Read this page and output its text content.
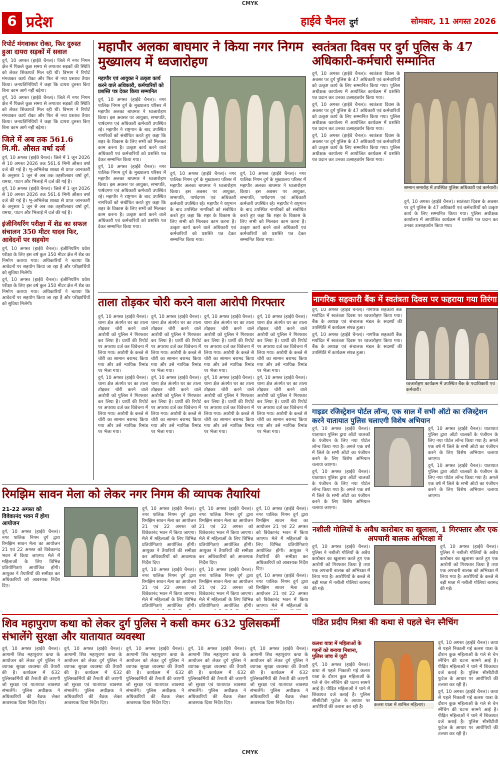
CMYK
6 प्रदेश	हाईवे चैनल दुर्ग	सोमवार, 11 अगस्त 2026
रिपोर्ट मंगवाकर रोका, फिर दुरुस्त हुआ दायरा सड़कों में सवाल

दुर्ग, 10 अगस्त (हाईवे चैनल)। जिले में नगर निगम क्षेत्र में पिछले कुछ समय से लगातार सड़कों की स्थिति को लेकर शिकायतें मिल रही थीं। विभाग ने रिपोर्ट मंगवाकर कार्य रोका और फिर से नया प्रस्ताव तैयार किया। जनप्रतिनिधियों ने कहा कि दायरा दुरुस्त किए बिना काम आगे नहीं बढ़ेगा।

दुर्ग, 10 अगस्त (हाईवे चैनल)। जिले में नगर निगम क्षेत्र में पिछले कुछ समय से लगातार सड़कों की स्थिति को लेकर शिकायतें मिल रही थीं। विभाग ने रिपोर्ट मंगवाकर कार्य रोका और फिर से नया प्रस्ताव तैयार किया। जनप्रतिनिधियों ने कहा कि दायरा दुरुस्त किए बिना काम आगे नहीं बढ़ेगा।

जिले में अब तक 561.6 मि.मी. औसत वर्षा दर्ज

दुर्ग, 10 अगस्त (हाईवे चैनल)। जिले में 1 जून 2026 से 10 अगस्त 2026 तक 561.6 मिमी औसत वर्षा दर्ज की गई है। भू-अभिलेख शाखा से प्राप्त जानकारी के अनुसार 1 जून से अब तक तहसीलवार वर्षा दुर्ग, धमधा, पाटन और भिलाई में दर्ज की गई है।

दुर्ग, 10 अगस्त (हाईवे चैनल)। जिले में 1 जून 2026 से 10 अगस्त 2026 तक 561.6 मिमी औसत वर्षा दर्ज की गई है। भू-अभिलेख शाखा से प्राप्त जानकारी के अनुसार 1 जून से अब तक तहसीलवार वर्षा दुर्ग, धमधा, पाटन और भिलाई में दर्ज की गई है।

इंजीनियरिंग परीक्षा में शेड का सफल संचालन 350 मीटर यादव फिर, आवेदनों पर सहयोग

दुर्ग, 10 अगस्त (हाईवे चैनल)। इंजीनियरिंग प्रवेश परीक्षा के लिए इस वर्ष कुल 350 मीटर क्षेत्र में शेड का निर्माण कराया गया। अधिकारियों ने बताया कि आवेदनों पर सहयोग किया जा रहा है और परीक्षार्थियों को सुविधा मिलेगी।

दुर्ग, 10 अगस्त (हाईवे चैनल)। इंजीनियरिंग प्रवेश परीक्षा के लिए इस वर्ष कुल 350 मीटर क्षेत्र में शेड का निर्माण कराया गया। अधिकारियों ने बताया कि आवेदनों पर सहयोग किया जा रहा है और परीक्षार्थियों को सुविधा मिलेगी।

महापौर अलका बाघमार ने किया नगर निगम मुख्यालय में ध्वजारोहण
महापौर एवं आयुक्त ने उत्कृष्ट कार्य करने वाले अधिकारी, कर्मचारियों को प्रशस्ति पत्र देकर किया सम्मानित

दुर्ग, 10 अगस्त (हाईवे चैनल)। नगर पालिक निगम दुर्ग के मुख्यालय परिसर में महापौर अलका बाघमार ने ध्वजारोहण किया। इस अवसर पर आयुक्त, सभापति, पार्षदगण एवं अधिकारी कर्मचारी उपस्थित रहे। महापौर ने राष्ट्रगान के बाद उपस्थित नागरिकों को संबोधित करते हुए कहा कि शहर के विकास के लिए सभी को मिलकर काम करना है। उत्कृष्ट कार्य करने वाले अधिकारी एवं कर्मचारियों को प्रशस्ति पत्र देकर सम्मानित किया गया।

दुर्ग, 10 अगस्त (हाईवे चैनल)। नगर पालिक निगम दुर्ग के मुख्यालय परिसर में महापौर अलका बाघमार ने ध्वजारोहण किया। इस अवसर पर आयुक्त, सभापति, पार्षदगण एवं अधिकारी कर्मचारी उपस्थित रहे। महापौर ने राष्ट्रगान के बाद उपस्थित नागरिकों को संबोधित करते हुए कहा कि शहर के विकास के लिए सभी को मिलकर काम करना है। उत्कृष्ट कार्य करने वाले अधिकारी एवं कर्मचारियों को प्रशस्ति पत्र देकर सम्मानित किया गया।

दुर्ग, 10 अगस्त (हाईवे चैनल)। नगर पालिक निगम दुर्ग के मुख्यालय परिसर में महापौर अलका बाघमार ने ध्वजारोहण किया। इस अवसर पर आयुक्त, सभापति, पार्षदगण एवं अधिकारी कर्मचारी उपस्थित रहे। महापौर ने राष्ट्रगान के बाद उपस्थित नागरिकों को संबोधित करते हुए कहा कि शहर के विकास के लिए सभी को मिलकर काम करना है। उत्कृष्ट कार्य करने वाले अधिकारी एवं कर्मचारियों को प्रशस्ति पत्र देकर सम्मानित किया गया।

दुर्ग, 10 अगस्त (हाईवे चैनल)। नगर पालिक निगम दुर्ग के मुख्यालय परिसर में महापौर अलका बाघमार ने ध्वजारोहण किया। इस अवसर पर आयुक्त, सभापति, पार्षदगण एवं अधिकारी कर्मचारी उपस्थित रहे। महापौर ने राष्ट्रगान के बाद उपस्थित नागरिकों को संबोधित करते हुए कहा कि शहर के विकास के लिए सभी को मिलकर काम करना है। उत्कृष्ट कार्य करने वाले अधिकारी एवं कर्मचारियों को प्रशस्ति पत्र देकर सम्मानित किया गया।

स्वतंत्रता दिवस पर दुर्ग पुलिस के 47 अधिकारी-कर्मचारी सम्मानित

दुर्ग, 10 अगस्त (हाईवे चैनल)। स्वतंत्रता दिवस के अवसर पर दुर्ग पुलिस के 47 अधिकारी एवं कर्मचारियों को उत्कृष्ट कार्य के लिए सम्मानित किया गया। पुलिस अधीक्षक कार्यालय में आयोजित कार्यक्रम में प्रशस्ति पत्र प्रदान कर उनका उत्साहवर्धन किया गया।

दुर्ग, 10 अगस्त (हाईवे चैनल)। स्वतंत्रता दिवस के अवसर पर दुर्ग पुलिस के 47 अधिकारी एवं कर्मचारियों को उत्कृष्ट कार्य के लिए सम्मानित किया गया। पुलिस अधीक्षक कार्यालय में आयोजित कार्यक्रम में प्रशस्ति पत्र प्रदान कर उनका उत्साहवर्धन किया गया।

दुर्ग, 10 अगस्त (हाईवे चैनल)। स्वतंत्रता दिवस के अवसर पर दुर्ग पुलिस के 47 अधिकारी एवं कर्मचारियों को उत्कृष्ट कार्य के लिए सम्मानित किया गया। पुलिस अधीक्षक कार्यालय में आयोजित कार्यक्रम में प्रशस्ति पत्र प्रदान कर उनका उत्साहवर्धन किया गया।

सम्मान समारोह में उपस्थित पुलिस अधिकारी एवं कर्मचारी।

दुर्ग, 10 अगस्त (हाईवे चैनल)। स्वतंत्रता दिवस के अवसर पर दुर्ग पुलिस के 47 अधिकारी एवं कर्मचारियों को उत्कृष्ट कार्य के लिए सम्मानित किया गया। पुलिस अधीक्षक कार्यालय में आयोजित कार्यक्रम में प्रशस्ति पत्र प्रदान कर उनका उत्साहवर्धन किया गया।

नागरिक सहकारी बैंक में स्वतंत्रता दिवस पर फहराया गया तिरंगा

दुर्ग, 10 अगस्त (हाईवे चैनल)। नागरिक सहकारी बैंक मर्यादित में स्वतंत्रता दिवस पर ध्वजारोहण किया गया। बैंक के अध्यक्ष एवं संचालक मंडल के सदस्यों की उपस्थिति में कार्यक्रम संपन्न हुआ।

दुर्ग, 10 अगस्त (हाईवे चैनल)। नागरिक सहकारी बैंक मर्यादित में स्वतंत्रता दिवस पर ध्वजारोहण किया गया। बैंक के अध्यक्ष एवं संचालक मंडल के सदस्यों की उपस्थिति में कार्यक्रम संपन्न हुआ।

ध्वजारोहण कार्यक्रम में उपस्थित बैंक के पदाधिकारी एवं कर्मचारी।
ताला तोड़कर चोरी करने वाला आरोपी गिरफ्तार

दुर्ग, 10 अगस्त (हाईवे चैनल)। थाना क्षेत्र अंतर्गत घर का ताला तोड़कर चोरी करने वाले आरोपी को पुलिस ने गिरफ्तार कर लिया है। प्रार्थी की रिपोर्ट पर अपराध दर्ज कर विवेचना में लिया गया। आरोपी के कब्जे से चोरी का सामान बरामद किया गया और उसे न्यायिक रिमांड पर भेजा गया।

दुर्ग, 10 अगस्त (हाईवे चैनल)। थाना क्षेत्र अंतर्गत घर का ताला तोड़कर चोरी करने वाले आरोपी को पुलिस ने गिरफ्तार कर लिया है। प्रार्थी की रिपोर्ट पर अपराध दर्ज कर विवेचना में लिया गया। आरोपी के कब्जे से चोरी का सामान बरामद किया गया और उसे न्यायिक रिमांड पर भेजा गया।

दुर्ग, 10 अगस्त (हाईवे चैनल)। थाना क्षेत्र अंतर्गत घर का ताला तोड़कर चोरी करने वाले आरोपी को पुलिस ने गिरफ्तार कर लिया है। प्रार्थी की रिपोर्ट पर अपराध दर्ज कर विवेचना में लिया गया। आरोपी के कब्जे से चोरी का सामान बरामद किया गया और उसे न्यायिक रिमांड पर भेजा गया।

दुर्ग, 10 अगस्त (हाईवे चैनल)। थाना क्षेत्र अंतर्गत घर का ताला तोड़कर चोरी करने वाले आरोपी को पुलिस ने गिरफ्तार कर लिया है। प्रार्थी की रिपोर्ट पर अपराध दर्ज कर विवेचना में लिया गया। आरोपी के कब्जे से चोरी का सामान बरामद किया गया और उसे न्यायिक रिमांड पर भेजा गया।

दुर्ग, 10 अगस्त (हाईवे चैनल)। थाना क्षेत्र अंतर्गत घर का ताला तोड़कर चोरी करने वाले आरोपी को पुलिस ने गिरफ्तार कर लिया है। प्रार्थी की रिपोर्ट पर अपराध दर्ज कर विवेचना में लिया गया। आरोपी के कब्जे से चोरी का सामान बरामद किया गया और उसे न्यायिक रिमांड पर भेजा गया।

दुर्ग, 10 अगस्त (हाईवे चैनल)। थाना क्षेत्र अंतर्गत घर का ताला तोड़कर चोरी करने वाले आरोपी को पुलिस ने गिरफ्तार कर लिया है। प्रार्थी की रिपोर्ट पर अपराध दर्ज कर विवेचना में लिया गया। आरोपी के कब्जे से चोरी का सामान बरामद किया गया और उसे न्यायिक रिमांड पर भेजा गया।

दुर्ग, 10 अगस्त (हाईवे चैनल)। थाना क्षेत्र अंतर्गत घर का ताला तोड़कर चोरी करने वाले आरोपी को पुलिस ने गिरफ्तार कर लिया है। प्रार्थी की रिपोर्ट पर अपराध दर्ज कर विवेचना में लिया गया। आरोपी के कब्जे से चोरी का सामान बरामद किया गया और उसे न्यायिक रिमांड पर भेजा गया।

दुर्ग, 10 अगस्त (हाईवे चैनल)। थाना क्षेत्र अंतर्गत घर का ताला तोड़कर चोरी करने वाले आरोपी को पुलिस ने गिरफ्तार कर लिया है। प्रार्थी की रिपोर्ट पर अपराध दर्ज कर विवेचना में लिया गया। आरोपी के कब्जे से चोरी का सामान बरामद किया गया और उसे न्यायिक रिमांड पर भेजा गया।

गाइडर रजिस्ट्रेशन पोर्टल लॉन्च, एक साल में सभी ऑटो का रजिस्ट्रेशन करने यातायात पुलिस चलाएगी विशेष अभियान

दुर्ग, 10 अगस्त (हाईवे चैनल)। यातायात पुलिस द्वारा ऑटो चालकों के पंजीयन के लिए नया पोर्टल लॉन्च किया गया है। अगले एक वर्ष में जिले के सभी ऑटो का पंजीयन करने के लिए विशेष अभियान चलाया जाएगा।

दुर्ग, 10 अगस्त (हाईवे चैनल)। यातायात पुलिस द्वारा ऑटो चालकों के पंजीयन के लिए नया पोर्टल लॉन्च किया गया है। अगले एक वर्ष में जिले के सभी ऑटो का पंजीयन करने के लिए विशेष अभियान चलाया जाएगा।

दुर्ग, 10 अगस्त (हाईवे चैनल)। यातायात पुलिस द्वारा ऑटो चालकों के पंजीयन के लिए नया पोर्टल लॉन्च किया गया है। अगले एक वर्ष में जिले के सभी ऑटो का पंजीयन करने के लिए विशेष अभियान चलाया जाएगा।

दुर्ग, 10 अगस्त (हाईवे चैनल)। यातायात पुलिस द्वारा ऑटो चालकों के पंजीयन के लिए नया पोर्टल लॉन्च किया गया है। अगले एक वर्ष में जिले के सभी ऑटो का पंजीयन करने के लिए विशेष अभियान चलाया जाएगा।

रिमझिम सावन मेला को लेकर नगर निगम की व्यापक तैयारियां
21-22 अगस्त को विवेकानंद भवन में होगा आयोजन

दुर्ग, 10 अगस्त (हाईवे चैनल)। नगर पालिक निगम दुर्ग द्वारा रिमझिम सावन मेला का आयोजन 21 एवं 22 अगस्त को विवेकानंद भवन में किया जाएगा। मेले में महिलाओं के लिए विभिन्न प्रतियोगिताएं आयोजित होंगी। आयुक्त ने तैयारियों की समीक्षा कर अधिकारियों को आवश्यक निर्देश दिए।

दुर्ग, 10 अगस्त (हाईवे चैनल)। नगर पालिक निगम दुर्ग द्वारा रिमझिम सावन मेला का आयोजन 21 एवं 22 अगस्त को विवेकानंद भवन में किया जाएगा। मेले में महिलाओं के लिए विभिन्न प्रतियोगिताएं आयोजित होंगी। आयुक्त ने तैयारियों की समीक्षा कर अधिकारियों को आवश्यक निर्देश दिए।

दुर्ग, 10 अगस्त (हाईवे चैनल)। नगर पालिक निगम दुर्ग द्वारा रिमझिम सावन मेला का आयोजन 21 एवं 22 अगस्त को विवेकानंद भवन में किया जाएगा। मेले में महिलाओं के लिए विभिन्न प्रतियोगिताएं आयोजित होंगी।

दुर्ग, 10 अगस्त (हाईवे चैनल)। नगर पालिक निगम दुर्ग द्वारा रिमझिम सावन मेला का आयोजन 21 एवं 22 अगस्त को विवेकानंद भवन में किया जाएगा। मेले में महिलाओं के लिए विभिन्न प्रतियोगिताएं आयोजित होंगी। आयुक्त ने तैयारियों की समीक्षा कर अधिकारियों को आवश्यक निर्देश दिए।

दुर्ग, 10 अगस्त (हाईवे चैनल)। नगर पालिक निगम दुर्ग द्वारा रिमझिम सावन मेला का आयोजन 21 एवं 22 अगस्त को विवेकानंद भवन में किया जाएगा। मेले में महिलाओं के लिए विभिन्न प्रतियोगिताएं आयोजित होंगी।

दुर्ग, 10 अगस्त (हाईवे चैनल)। नगर पालिक निगम दुर्ग द्वारा रिमझिम सावन मेला का आयोजन 21 एवं 22 अगस्त को विवेकानंद भवन में किया जाएगा। मेले में महिलाओं के लिए विभिन्न प्रतियोगिताएं आयोजित होंगी। आयुक्त ने तैयारियों की समीक्षा कर अधिकारियों को आवश्यक निर्देश दिए।

दुर्ग, 10 अगस्त (हाईवे चैनल)। नगर पालिक निगम दुर्ग द्वारा रिमझिम सावन मेला का आयोजन 21 एवं 22 अगस्त को विवेकानंद भवन में किया जाएगा। मेले में महिलाओं के

नशीली गोलियों के अवैध कारोबार का खुलासा, 1 गिरफ्तार और एक अपचारी बालक अभिरक्षा में

दुर्ग, 10 अगस्त (हाईवे चैनल)। पुलिस ने नशीली गोलियों के अवैध कारोबार का खुलासा करते हुए एक आरोपी को गिरफ्तार किया है तथा एक अपचारी बालक को अभिरक्षा में लिया गया है। आरोपियों के कब्जे से बड़ी मात्रा में नशीली गोलियां बरामद की गईं।

दुर्ग, 10 अगस्त (हाईवे चैनल)। पुलिस ने नशीली गोलियों के अवैध कारोबार का खुलासा करते हुए एक आरोपी को गिरफ्तार किया है तथा एक अपचारी बालक को अभिरक्षा में लिया गया है। आरोपियों के कब्जे से बड़ी मात्रा में नशीली गोलियां बरामद की गईं।

शिव महापुराण कथा को लेकर दुर्ग पुलिस ने कसी कमर 632 पुलिसकर्मी संभालेंगे सुरक्षा और यातायात व्यवस्था

दुर्ग, 10 अगस्त (हाईवे चैनल)। आगामी शिव महापुराण कथा के आयोजन को लेकर दुर्ग पुलिस ने व्यापक सुरक्षा व्यवस्था की तैयारी की है। कार्यक्रम में 632 पुलिसकर्मियों की तैनाती की जाएगी जो सुरक्षा एवं यातायात व्यवस्था संभालेंगे। पुलिस अधीक्षक ने अधिकारियों की बैठक लेकर आवश्यक दिशा निर्देश दिए।

दुर्ग, 10 अगस्त (हाईवे चैनल)। आगामी शिव महापुराण कथा के आयोजन को लेकर दुर्ग पुलिस ने व्यापक सुरक्षा व्यवस्था की तैयारी की है। कार्यक्रम में 632 पुलिसकर्मियों की तैनाती की जाएगी जो सुरक्षा एवं यातायात व्यवस्था संभालेंगे। पुलिस अधीक्षक ने अधिकारियों की बैठक लेकर आवश्यक दिशा निर्देश दिए।

दुर्ग, 10 अगस्त (हाईवे चैनल)। आगामी शिव महापुराण कथा के आयोजन को लेकर दुर्ग पुलिस ने व्यापक सुरक्षा व्यवस्था की तैयारी की है। कार्यक्रम में 632 पुलिसकर्मियों की तैनाती की जाएगी जो सुरक्षा एवं यातायात व्यवस्था संभालेंगे। पुलिस अधीक्षक ने अधिकारियों की बैठक लेकर आवश्यक दिशा निर्देश दिए।

दुर्ग, 10 अगस्त (हाईवे चैनल)। आगामी शिव महापुराण कथा के आयोजन को लेकर दुर्ग पुलिस ने व्यापक सुरक्षा व्यवस्था की तैयारी की है। कार्यक्रम में 632 पुलिसकर्मियों की तैनाती की जाएगी जो सुरक्षा एवं यातायात व्यवस्था संभालेंगे। पुलिस अधीक्षक ने अधिकारियों की बैठक लेकर आवश्यक दिशा निर्देश दिए।

दुर्ग, 10 अगस्त (हाईवे चैनल)। आगामी शिव महापुराण कथा के आयोजन को लेकर दुर्ग पुलिस ने व्यापक सुरक्षा व्यवस्था की तैयारी की है। कार्यक्रम में 632 पुलिसकर्मियों की तैनाती की जाएगी जो सुरक्षा एवं यातायात व्यवस्था संभालेंगे। पुलिस अधीक्षक ने अधिकारियों की बैठक लेकर आवश्यक दिशा निर्देश दिए।

पंडित प्रदीप मिश्रा की कथा से पहले चेन स्नैचिंग
कलश यात्रा में महिलाओं के गहनों को बनाया निशाना, पुलिस जांच में जुटी

दुर्ग, 10 अगस्त (हाईवे चैनल)। कथा से पहले निकाली गई कलश यात्रा के दौरान कुछ महिलाओं के गले से चेन स्नैचिंग की घटना सामने आई है। पीड़ित महिलाओं ने थाने में शिकायत दर्ज कराई है। पुलिस सीसीटीवी फुटेज के आधार पर आरोपियों की तलाश कर रही है।	कलश यात्रा में शामिल महिलाएं।

दुर्ग, 10 अगस्त (हाईवे चैनल)। कथा से पहले निकाली गई कलश यात्रा के दौरान कुछ महिलाओं के गले से चेन स्नैचिंग की घटना सामने आई है। पीड़ित महिलाओं ने थाने में शिकायत दर्ज कराई है। पुलिस सीसीटीवी फुटेज के आधार पर आरोपियों की तलाश कर रही है।

दुर्ग, 10 अगस्त (हाईवे चैनल)। कथा से पहले निकाली गई कलश यात्रा के दौरान कुछ महिलाओं के गले से चेन स्नैचिंग की घटना सामने आई है। पीड़ित महिलाओं ने थाने में शिकायत दर्ज कराई है। पुलिस सीसीटीवी फुटेज के आधार पर आरोपियों की तलाश कर रही है।

CMYK
